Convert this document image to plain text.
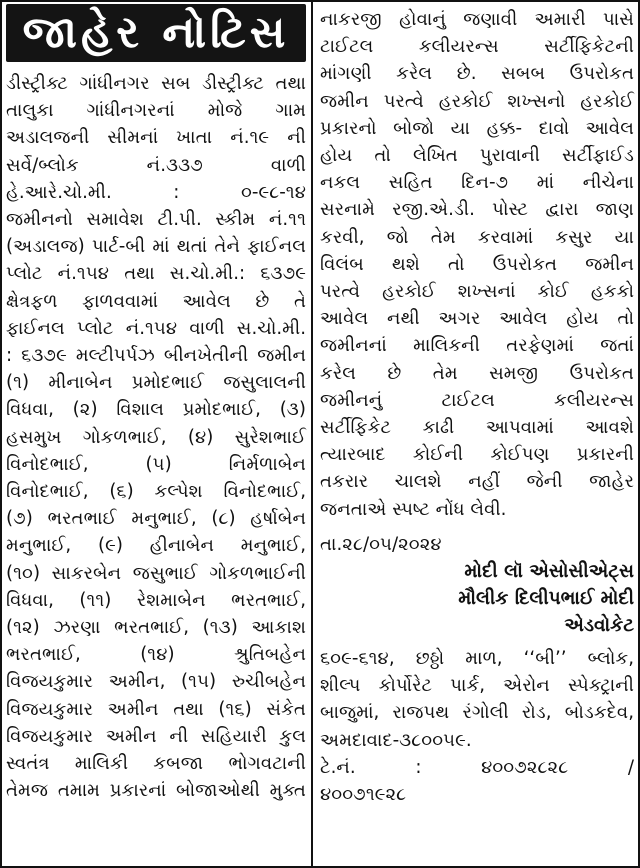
જાહેર નોટિસ
ડીસ્ટ્રીક્ટ ગાંધીનગર સબ ડીસ્ટ્રીક્ટ તથા
તાલુકા ગાંધીનગરનાં મોજે ગામ
અડાલજની સીમનાં ખાતા નં.૧૯ ની
સર્વે/બ્લોક નં.૩૩૭ વાળી
હે.આરે.ચો.મી. : ૦-૯૮-૧૪
જમીનનો સમાવેશ ટી.પી. સ્કીમ નં.૧૧
(અડાલજ) પાર્ટ-બી માં થતાં તેને ફાઈનલ
પ્લોટ નં.૧૫૪ તથા સ.ચો.મી.: ૬૩૭૯
ક્ષેત્રફળ ફાળવવામાં આવેલ છે તે
ફાઈનલ પ્લોટ નં.૧૫૪ વાળી સ.ચો.મી.
: ૬૩૭૯ મલ્ટીપર્પઝ બીનખેતીની જમીન
(૧) મીનાબેન પ્રમોદભાઈ જસુલાલની
વિધવા, (૨) વિશાલ પ્રમોદભાઈ, (૩)
હસમુખ ગોકળભાઈ, (૪) સુરેશભાઈ
વિનોદભાઈ, (૫) નિર્મળાબેન
વિનોદભાઈ, (૬) કલ્પેશ વિનોદભાઈ,
(૭) ભરતભાઈ મનુભાઈ, (૮) હર્ષાબેન
મનુભાઈ, (૯) હીનાબેન મનુભાઈ,
(૧૦) સાકરબેન જસુભાઈ ગોકળભાઈની
વિધવા, (૧૧) રેશમાબેન ભરતભાઈ,
(૧૨) ઝરણા ભરતભાઈ, (૧૩) આકાશ
ભરતભાઈ, (૧૪) શ્રુતિબહેન
વિજયકુમાર અમીન, (૧૫) રુચીબહેન
વિજયકુમાર અમીન તથા (૧૬) સંકેત
વિજયકુમાર અમીન ની સહિયારી કુલ
સ્વતંત્ર માલિકી કબજા ભોગવટાની
તેમજ તમામ પ્રકારનાં બોજાઓથી મુક્ત
નાકરજી હોવાનું જણાવી અમારી પાસે
ટાઈટલ કલીયરન્સ સર્ટીફિકેટની
માંગણી કરેલ છે. સબબ ઉપરોકત
જમીન પરત્વે હરકોઈ શખ્સનો હરકોઈ
પ્રકારનો બોજો યા હક્ક- દાવો આવેલ
હોય તો લેખિત પુરાવાની સર્ટીફાઈડ
નકલ સહિત દિન-૭ માં નીચેના
સરનામે રજી.એ.ડી. પોસ્ટ દ્વારા જાણ
કરવી, જો તેમ કરવામાં કસુર યા
વિલંબ થશે તો ઉપરોકત જમીન
પરત્વે હરકોઈ શખ્સનાં કોઈ હકકો
આવેલ નથી અગર આવેલ હોય તો
જમીનનાં માલિકની તરફેણમાં જતાં
કરેલ છે તેમ સમજી ઉપરોકત
જમીનનું ટાઈટલ કલીયરન્સ
સર્ટીફિકેટ કાઢી આપવામાં આવશે
ત્યારબાદ કોઈની કોઈપણ પ્રકારની
તકરાર ચાલશે નહીં જેની જાહેર
જનતાએ સ્પષ્ટ નોંધ લેવી.
તા.૨૮/૦૫/૨૦૨૪
મોદી લૉ એસોસીએટ્સ
મૌલીક દિલીપભાઈ મોદી
એડવોકેટ
૬૦૯-૬૧૪, છઠ્ઠો માળ, ‘‘બી’’ બ્લોક,
શીલ્પ કોર્પોરેટ પાર્ક, એરોન સ્પેક્ટ્રાની
બાજુમાં, રાજપથ રંગોલી રોડ, બોડકદેવ,
અમદાવાદ-૩૮૦૦૫૯.
ટે.નં. : ૪૦૦૭૨૮૨૮ /
૪૦૦૭૧૯૨૮
